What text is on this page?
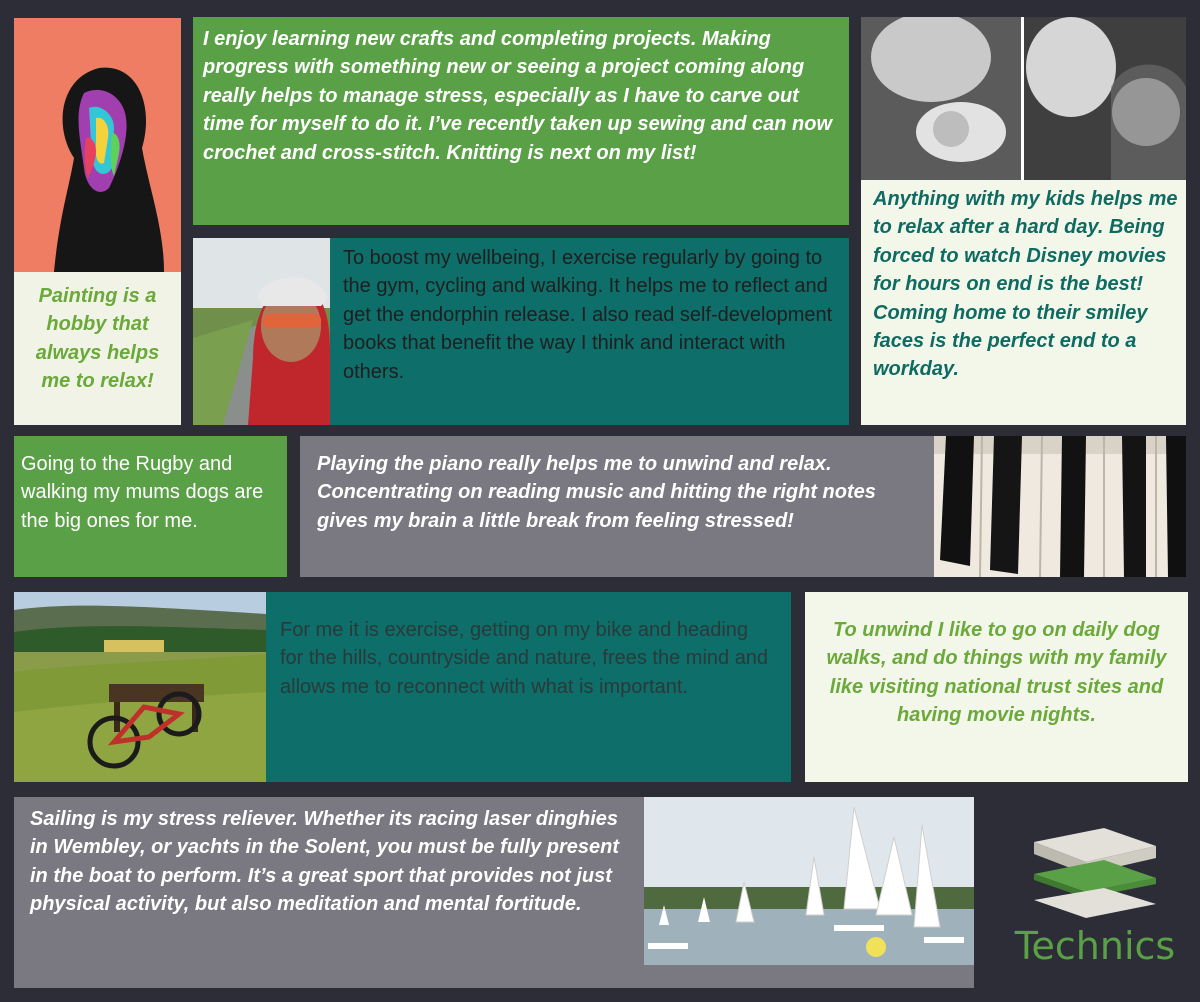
Painting is a hobby that always helps me to relax!
I enjoy learning new crafts and completing projects. Making progress with something new or seeing a project coming along really helps to manage stress, especially as I have to carve out time for myself to do it. I’ve recently taken up sewing and can now crochet and cross-stitch. Knitting is next on my list!
Anything with my kids helps me to relax after a hard day. Being forced to watch Disney movies for hours on end is the best! Coming home to their smiley faces is the perfect end to a workday.
To boost my wellbeing, I exercise regularly by going to the gym, cycling and walking. It helps me to reflect and get the endorphin release. I also read self-development books that benefit the way I think and interact with others.
Going to the Rugby and walking my mums dogs are the big ones for me.
Playing the piano really helps me to unwind and relax. Concentrating on reading music and hitting the right notes gives my brain a little break from feeling stressed!
For me it is exercise, getting on my bike and heading for the hills, countryside and nature, frees the mind and allows me to reconnect with what is important.
To unwind I like to go on daily dog walks, and do things with my family like visiting national trust sites and having movie nights.
Sailing is my stress reliever. Whether its racing laser dinghies in Wembley, or yachts in the Solent, you must be fully present in the boat to perform. It’s a great sport that provides not just physical activity, but also meditation and mental fortitude.
Technics
